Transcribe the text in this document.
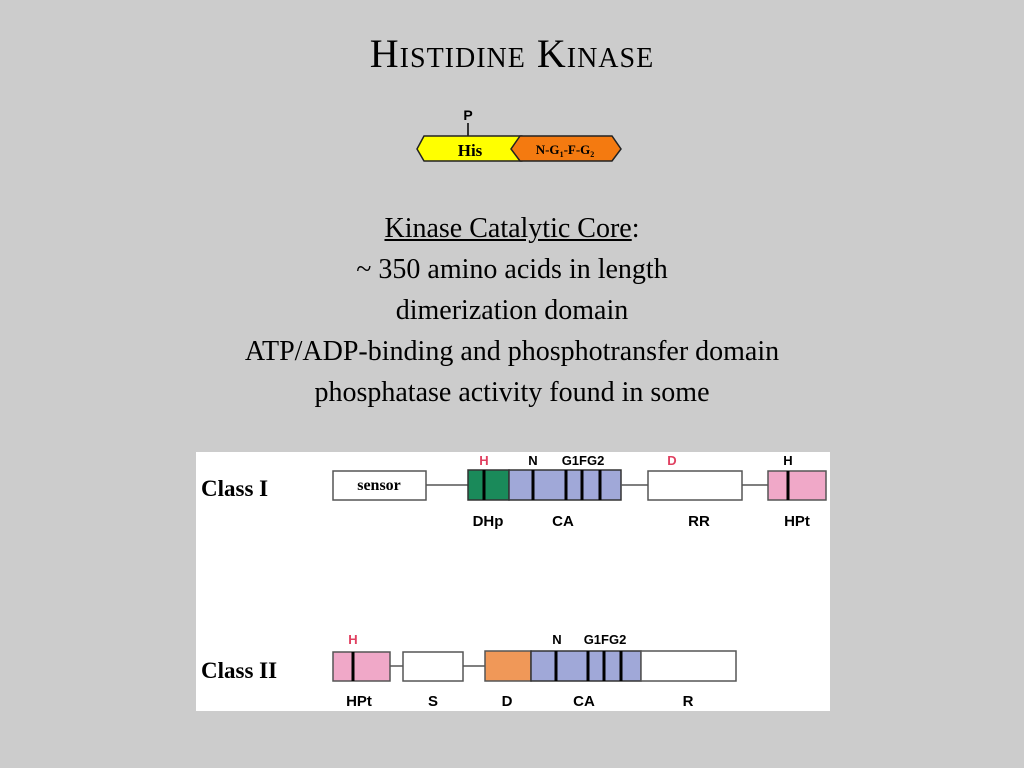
Histidine Kinase
P
His	$N-G_1-F-G_2$
Kinase Catalytic Core:
~ 350 amino acids in length
dimerization domain
ATP/ADP-binding and phosphotransfer domain
phosphatase activity found in some
Class I	sensor
H	N G1FG2	D	H
DHp	CA	RR	HPt
Class II
H	N G1FG2
HPt	S	D	CA	R
